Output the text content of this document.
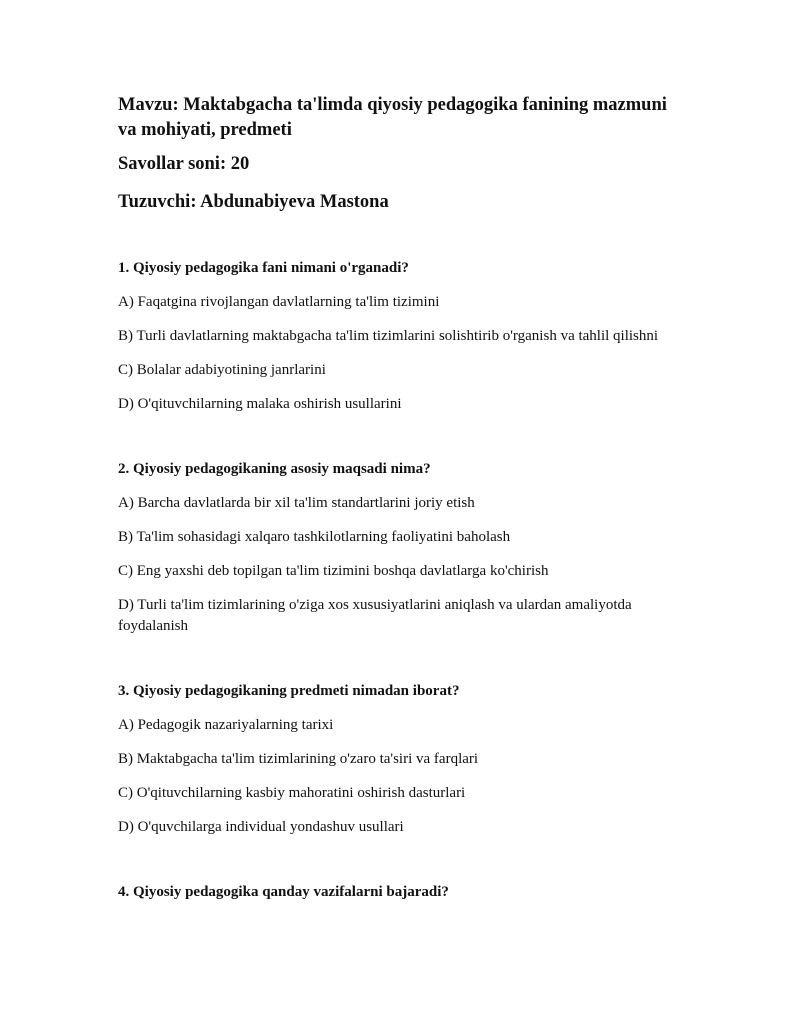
Mavzu: Maktabgacha ta'limda qiyosiy pedagogika fanining mazmuni va mohiyati, predmeti
Savollar soni: 20
Tuzuvchi: Abdunabiyeva Mastona
1. Qiyosiy pedagogika fani nimani o'rganadi?
A) Faqatgina rivojlangan davlatlarning ta'lim tizimini
B) Turli davlatlarning maktabgacha ta'lim tizimlarini solishtirib o'rganish va tahlil qilishni
C) Bolalar adabiyotining janrlarini
D) O'qituvchilarning malaka oshirish usullarini
2. Qiyosiy pedagogikaning asosiy maqsadi nima?
A) Barcha davlatlarda bir xil ta'lim standartlarini joriy etish
B) Ta'lim sohasidagi xalqaro tashkilotlarning faoliyatini baholash
C) Eng yaxshi deb topilgan ta'lim tizimini boshqa davlatlarga ko'chirish
D) Turli ta'lim tizimlarining o'ziga xos xususiyatlarini aniqlash va ulardan amaliyotda foydalanish
3. Qiyosiy pedagogikaning predmeti nimadan iborat?
A) Pedagogik nazariyalarning tarixi
B) Maktabgacha ta'lim tizimlarining o'zaro ta'siri va farqlari
C) O'qituvchilarning kasbiy mahoratini oshirish dasturlari
D) O'quvchilarga individual yondashuv usullari
4. Qiyosiy pedagogika qanday vazifalarni bajaradi?
